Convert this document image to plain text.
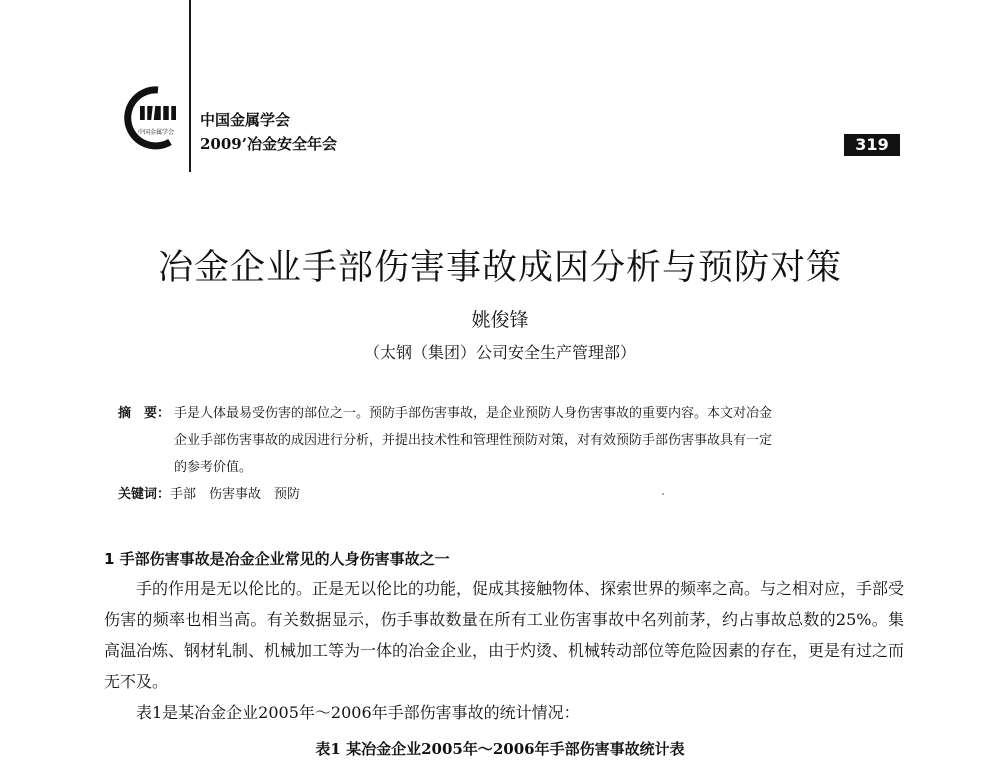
中国金属学会
中国金属学会
2009’冶金安全年会	319
冶金企业手部伤害事故成因分析与预防对策
姚俊锋
（太钢（集团）公司安全生产管理部）
摘　要： 手是人体最易受伤害的部位之一。预防手部伤害事故，是企业预防人身伤害事故的重要内容。本文对冶金
企业手部伤害事故的成因进行分析，并提出技术性和管理性预防对策，对有效预防手部伤害事故具有一定
的参考价值。
关键词：手部　伤害事故　预防
1 手部伤害事故是冶金企业常见的人身伤害事故之一

手的作用是无以伦比的。正是无以伦比的功能，促成其接触物体、探索世界的频率之高。与之相对应，手部受伤害的频率也相当高。有关数据显示，伤手事故数量在所有工业伤害事故中名列前茅，约占事故总数的25%。集高温冶炼、钢材轧制、机械加工等为一体的冶金企业，由于灼烫、机械转动部位等危险因素的存在，更是有过之而无不及。

表1是某冶金企业2005年～2006年手部伤害事故的统计情况：

表1 某冶金企业2005年～2006年手部伤害事故统计表
